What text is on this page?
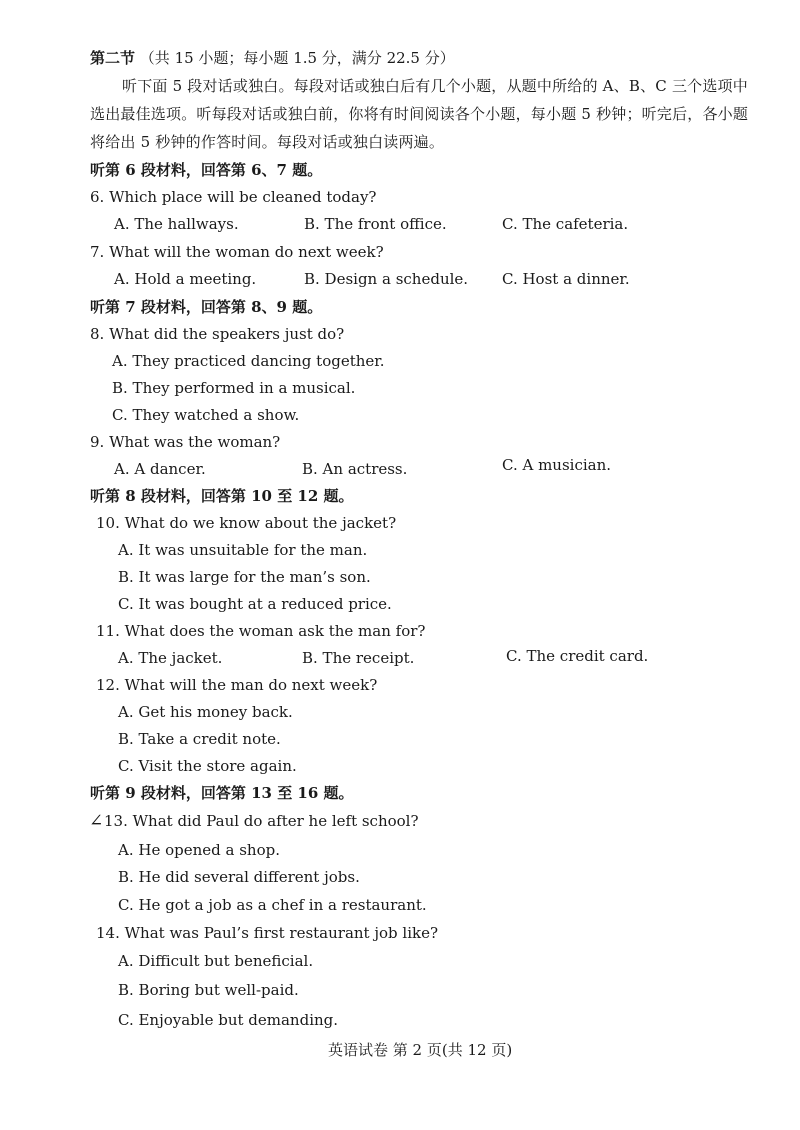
第二节 （共 15 小题；每小题 1.5 分，满分 22.5 分）
听下面 5 段对话或独白。每段对话或独白后有几个小题，从题中所给的 A、B、C 三个选项中
选出最佳选项。听每段对话或独白前，你将有时间阅读各个小题，每小题 5 秒钟；听完后，各小题
将给出 5 秒钟的作答时间。每段对话或独白读两遍。
听第 6 段材料，回答第 6、7 题。
6. Which place will be cleaned today?
A. The hallways.	B. The front office.	C. The cafeteria.
7. What will the woman do next week?
A. Hold a meeting.	B. Design a schedule. C. Host a dinner.
听第 7 段材料，回答第 8、9 题。
8. What did the speakers just do?
A. They practiced dancing together.
B. They performed in a musical.
C. They watched a show.
9. What was the woman?
A. A dancer.	B. An actress.	C. A musician.
听第 8 段材料，回答第 10 至 12 题。
10. What do we know about the jacket?
A. It was unsuitable for the man.
B. It was large for the man’s son.
C. It was bought at a reduced price.
11. What does the woman ask the man for?
A. The jacket.	B. The receipt.	C. The credit card.
12. What will the man do next week?
A. Get his money back.
B. Take a credit note.
C. Visit the store again.
听第 9 段材料，回答第 13 至 16 题。
∠ 13. What did Paul do after he left school?
A. He opened a shop.
B. He did several different jobs.
C. He got a job as a chef in a restaurant.
14. What was Paul’s first restaurant job like?
A. Difficult but beneficial.
B. Boring but well-paid.
C. Enjoyable but demanding.
英语试卷 第 2 页(共 12 页)
